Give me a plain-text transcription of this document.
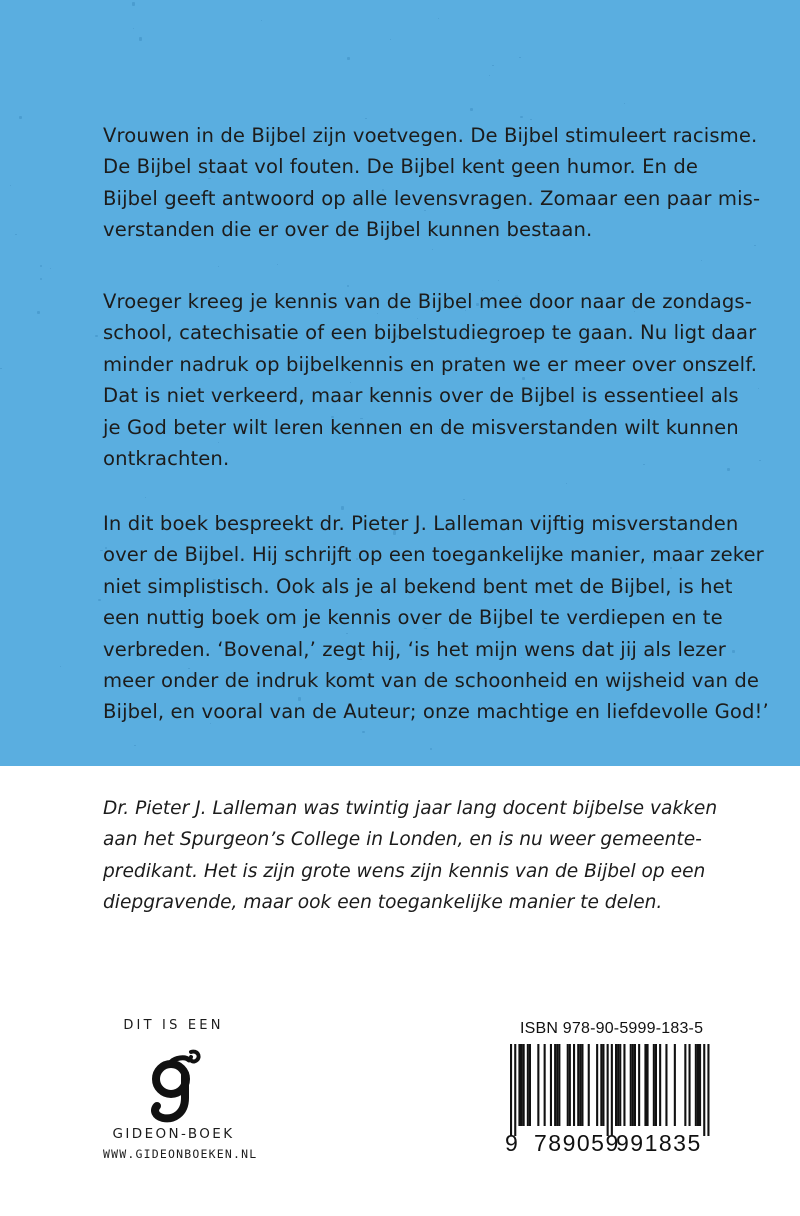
Vrouwen in de Bijbel zijn voetvegen. De Bijbel stimuleert racisme.
De Bijbel staat vol fouten. De Bijbel kent geen humor. En de
Bijbel geeft antwoord op alle levensvragen. Zomaar een paar mis-
verstanden die er over de Bijbel kunnen bestaan.

Vroeger kreeg je kennis van de Bijbel mee door naar de zondags-
school, catechisatie of een bijbelstudiegroep te gaan. Nu ligt daar
minder nadruk op bijbelkennis en praten we er meer over onszelf.
Dat is niet verkeerd, maar kennis over de Bijbel is essentieel als
je God beter wilt leren kennen en de misverstanden wilt kunnen
ontkrachten.

In dit boek bespreekt dr. Pieter J. Lalleman vijftig misverstanden
over de Bijbel. Hij schrijft op een toegankelijke manier, maar zeker
niet simplistisch. Ook als je al bekend bent met de Bijbel, is het
een nuttig boek om je kennis over de Bijbel te verdiepen en te
verbreden. ‘Bovenal,’ zegt hij, ‘is het mijn wens dat jij als lezer
meer onder de indruk komt van de schoonheid en wijsheid van de
Bijbel, en vooral van de Auteur; onze machtige en liefdevolle God!’

Dr. Pieter J. Lalleman was twintig jaar lang docent bijbelse vakken
aan het Spurgeon’s College in Londen, en is nu weer gemeente-
predikant. Het is zijn grote wens zijn kennis van de Bijbel op een
diepgravende, maar ook een toegankelijke manier te delen.

DIT IS EEN
GIDEON-BOEK
WWW.GIDEONBOEKEN.NL
ISBN 978-90-5999-183-5
9 789059
991835
